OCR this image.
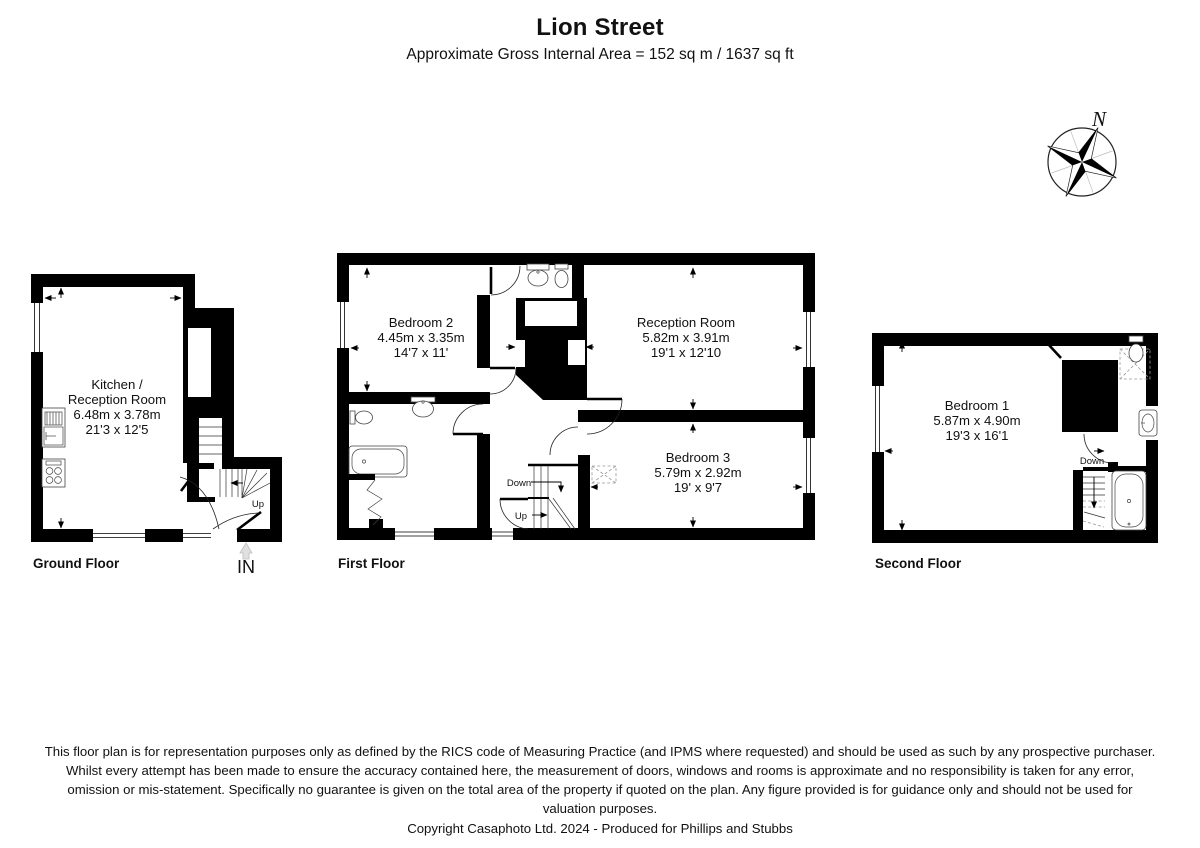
Lion Street
Approximate Gross Internal Area = 152 sq m / 1637 sq ft
N
Up
Kitchen /
Reception Room
6.48m x 3.78m
21'3 x 12'5
IN
Ground Floor
Down
Up
Bedroom 2
4.45m x 3.35m
14'7 x 11'
Reception Room
5.82m x 3.91m
19'1 x 12'10
Bedroom 3
5.79m x 2.92m
19' x 9'7
First Floor
Down
Bedroom 1
5.87m x 4.90m
19'3 x 16'1
Second Floor

This floor plan is for representation purposes only as defined by the RICS code of Measuring Practice (and IPMS where requested) and should be used as such by any prospective purchaser. Whilst every attempt has been made to ensure the accuracy contained here, the measurement of doors, windows and rooms is approximate and no responsibility is taken for any error, omission or mis-statement. Specifically no guarantee is given on the total area of the property if quoted on the plan. Any figure provided is for guidance only and should not be used for valuation purposes.

Copyright Casaphoto Ltd. 2024 - Produced for Phillips and Stubbs
